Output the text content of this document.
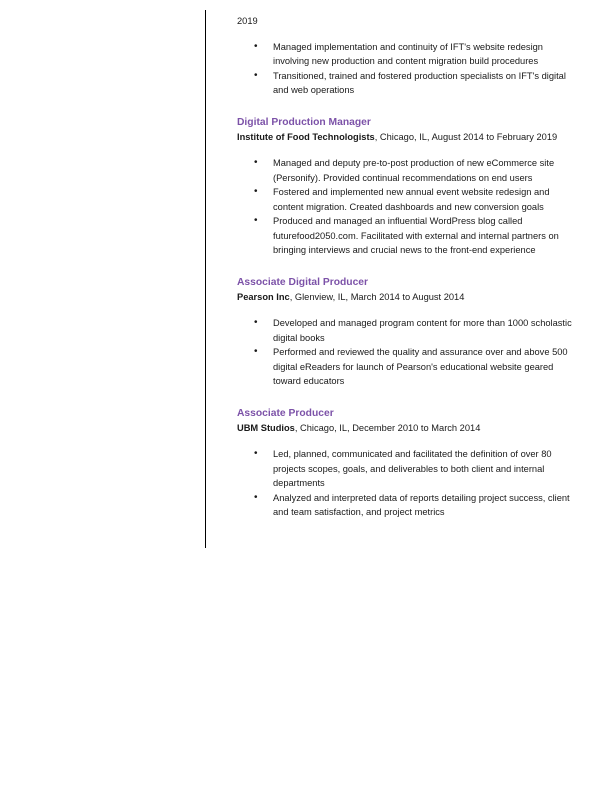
2019

• Managed implementation and continuity of IFT's website redesign involving new production and content migration build procedures
• Transitioned, trained and fostered production specialists on IFT's digital and web operations

Digital Production Manager

Institute of Food Technologists, Chicago, IL, August 2014 to February 2019

• Managed and deputy pre-to-post production of new eCommerce site (Personify). Provided continual recommendations on end users
• Fostered and implemented new annual event website redesign and content migration. Created dashboards and new conversion goals
• Produced and managed an influential WordPress blog called futurefood2050.com. Facilitated with external and internal partners on bringing interviews and crucial news to the front-end experience

Associate Digital Producer

Pearson Inc, Glenview, IL, March 2014 to August 2014

• Developed and managed program content for more than 1000 scholastic digital books
• Performed and reviewed the quality and assurance over and above 500 digital eReaders for launch of Pearson's educational website geared toward educators

Associate Producer

UBM Studios, Chicago, IL, December 2010 to March 2014

• Led, planned, communicated and facilitated the definition of over 80 projects scopes, goals, and deliverables to both client and internal departments
• Analyzed and interpreted data of reports detailing project success, client and team satisfaction, and project metrics
